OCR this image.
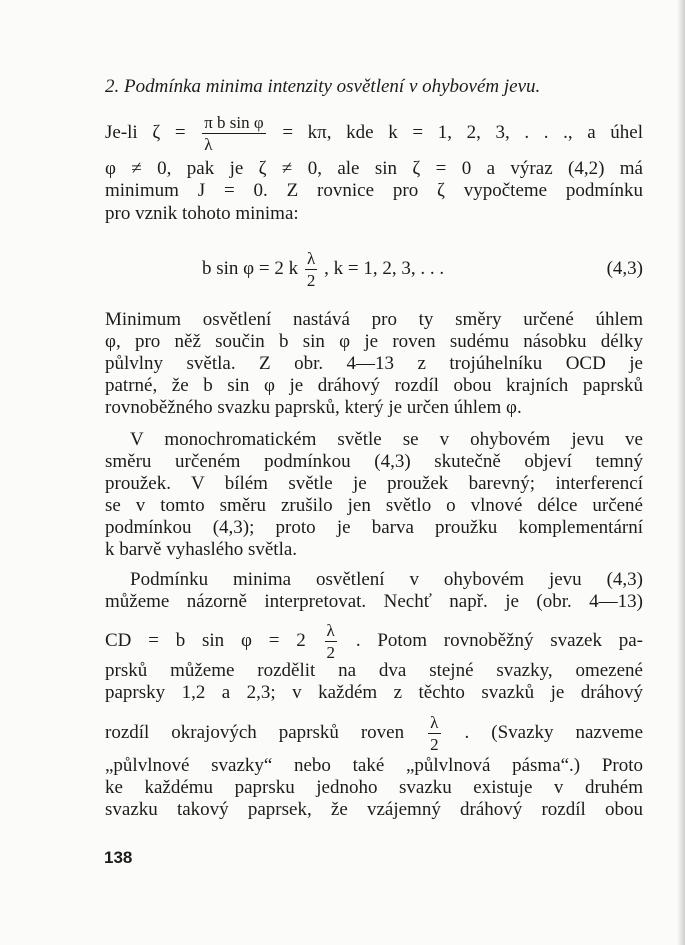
2. Podmínka minima intenzity osvětlení v ohybovém jevu.
Je-li $\zeta = \frac{\text{π b sin φ}}{\lambda} = k\pi$, kde k = 1, 2, 3, . . ., a úhel
φ ≠ 0, pak je ζ ≠ 0, ale sin ζ = 0 a výraz (4,2) má
minimum J = 0. Z rovnice pro ζ vypočteme podmínku
pro vznik tohoto minima:
b sin φ = 2 k $\frac{\lambda}{2}$ , k = 1, 2, 3, . . .	(4,3)
Minimum osvětlení nastává pro ty směry určené úhlem
φ, pro něž součin b sin φ je roven sudému násobku délky
půlvlny světla. Z obr. 4—13 z trojúhelníku OCD je
patrné, že b sin φ je dráhový rozdíl obou krajních paprsků
rovnoběžného svazku paprsků, který je určen úhlem φ.
V monochromatickém světle se v ohybovém jevu ve
směru určeném podmínkou (4,3) skutečně objeví temný
proužek. V bílém světle je proužek barevný; interferencí
se v tomto směru zrušilo jen světlo o vlnové délce určené
podmínkou (4,3); proto je barva proužku komplementární
k barvě vyhaslého světla.
Podmínku minima osvětlení v ohybovém jevu (4,3)
můžeme názorně interpretovat. Nechť např. je (obr. 4—13)
CD = b $\sin \varphi = 2 \frac{\lambda}{2}$ . Potom rovnoběžný svazek pa-
prsků můžeme rozdělit na dva stejné svazky, omezené
paprsky 1,2 a 2,3; v každém z těchto svazků je dráhový
rozdíl okrajových paprsků roven $\frac{\lambda}{2}$ . (Svazky nazveme
„půlvlnové svazky“ nebo také „půlvlnová pásma“.) Proto
ke každému paprsku jednoho svazku existuje v druhém
svazku takový paprsek, že vzájemný dráhový rozdíl obou
138
